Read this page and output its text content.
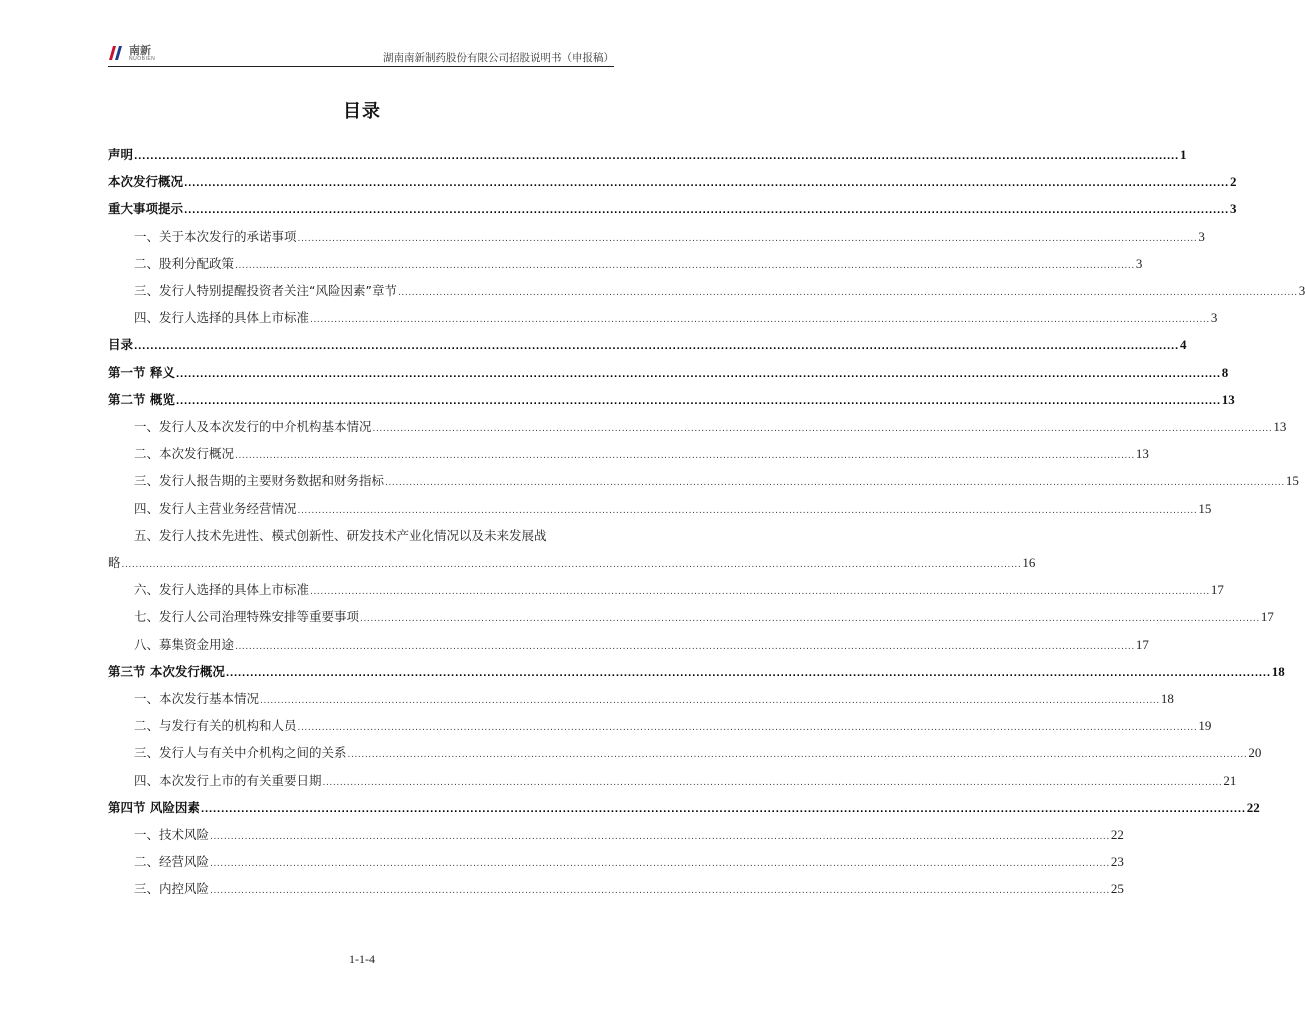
南新
NUOBIEN	湖南南新制药股份有限公司招股说明书（申报稿）
目录
声明 .................................................................................................................................................................................................................................................................... 1
本次发行概况 .................................................................................................................................................................................................................................................................... 2
重大事项提示 .................................................................................................................................................................................................................................................................... 3
一、关于本次发行的承诺事项 .................................................................................................................................................................................................................................................................... 3
二、股利分配政策 .................................................................................................................................................................................................................................................................... 3
三、发行人特别提醒投资者关注“风险因素”章节 .................................................................................................................................................................................................................................................................... 3
四、发行人选择的具体上市标准 .................................................................................................................................................................................................................................................................... 3
目录 .................................................................................................................................................................................................................................................................... 4
第一节 释义 .................................................................................................................................................................................................................................................................... 8
第二节 概览 .................................................................................................................................................................................................................................................................... 13
一、发行人及本次发行的中介机构基本情况 .................................................................................................................................................................................................................................................................... 13
二、本次发行概况 .................................................................................................................................................................................................................................................................... 13
三、发行人报告期的主要财务数据和财务指标 .................................................................................................................................................................................................................................................................... 15
四、发行人主营业务经营情况 .................................................................................................................................................................................................................................................................... 15
五、发行人技术先进性、模式创新性、研发技术产业化情况以及未来发展战
略 .................................................................................................................................................................................................................................................................... 16
六、发行人选择的具体上市标准 .................................................................................................................................................................................................................................................................... 17
七、发行人公司治理特殊安排等重要事项 .................................................................................................................................................................................................................................................................... 17
八、募集资金用途 .................................................................................................................................................................................................................................................................... 17
第三节 本次发行概况 .................................................................................................................................................................................................................................................................... 18
一、本次发行基本情况 .................................................................................................................................................................................................................................................................... 18
二、与发行有关的机构和人员 .................................................................................................................................................................................................................................................................... 19
三、发行人与有关中介机构之间的关系 .................................................................................................................................................................................................................................................................... 20
四、本次发行上市的有关重要日期 .................................................................................................................................................................................................................................................................... 21
第四节 风险因素 .................................................................................................................................................................................................................................................................... 22
一、技术风险 .................................................................................................................................................................................................................................................................... 22
二、经营风险 .................................................................................................................................................................................................................................................................... 23
三、内控风险 .................................................................................................................................................................................................................................................................... 25
1-1-4
